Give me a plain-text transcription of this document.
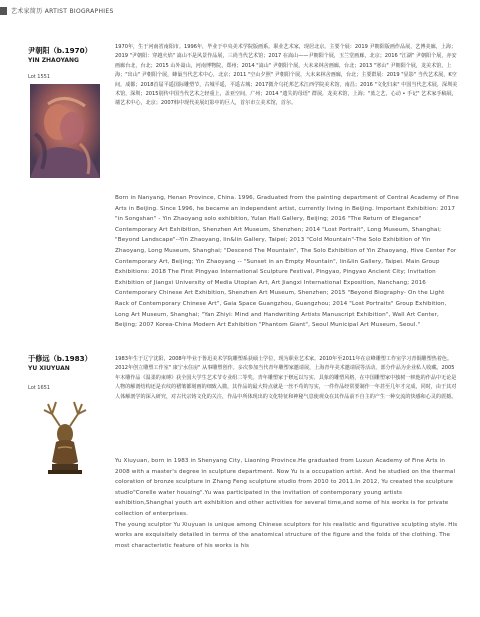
艺术家简历 ARTIST BIOGRAPHIES
尹朝阳（b.1970）
YIN ZHAOYANG
Lot 1551

1970年，生于河南省南阳市。1996年，毕业于中央美术学院版画系。职业艺术家，现居北京。主要个展：2019 尹朝阳版画作品展，艺博美廊，上海；2019 "尹朝阳：穿越火焰" 嵩山不是风景作品展，三尚当代艺术馆；2017 在嵩山——尹朝阳个展，玉兰堂画廊，北京；2016 "江湖" 尹朝阳个展，亦安画廊台北，台北；2015 山外嵩山，河南博物院，郑州；2014 "嵩山" 尹朝阳个展，大未来林舍画廊，台北；2013 "寒山" 尹朝阳个展，龙美术馆，上海；"出山" 尹朝阳个展，蜂巢当代艺术中心，北京；2011 "空山夕照" 尹朝阳个展，大未来林舍画廊，台北；主要群展：2019 "显影" 当代艺术展，K空间，成都；2018首届平遥国际雕塑节，古城平遥，平遥古城；2017微介乌托邦艺术江西学院美术馆，南昌；2016 "文化归来" 中国当代艺术展，深圳美术馆，深圳；2015别传中国当代艺术之轻重上，盖亚空间，广州；2014 "遗失的母语" 群展，龙美术馆，上海；"蓝之艺，心动 • 手记" 艺术家手稿展，墙艺术中心，北京；2007韩中现代美展幻影中的巨人，首尔市立美术馆，首尔。

Born in Nanyang, Henan Province, China. 1996, Graduated from the painting department of Central Academy of Fine Arts in Beijing. Since 1996, he became an independent artist, currently living in Beijing. Important Exhibition: 2017 "in Songshan" - Yin Zhaoyang solo exhibition, Yulan Hall Gallery, Beijing; 2016 "The Return of Elegance" Contemporary Art Exhibition, Shenzhen Art Museum, Shenzhen; 2014 "Lost Portrait", Long Museum, Shanghai; "Beyond Landscape"--Yin Zhaoyang, lin&lin Gallery, Taipei; 2013 "Cold Mountain"-The Solo Exhibition of Yin Zhaoyang, Long Museum, Shanghai; "Descend The Mountain", The Solo Exhibition of Yin Zhaoyang, Hive Center For Contemporary Art, Beijing; Yin Zhaoyang -- "Sunset in an Empty Mountain", lin&lin Gallery, Taipei. Main Group Exhibitions: 2018 The First Pingyao International Sculpture Festival, Pingyao, Pingyao Ancient City; Invitation Exhibition of Jiangxi University of Media Utopian Art, Art Jiangxi International Exposition, Nanchang; 2016 Contemporary Chinese Art Exhibition, Shenzhen Art Museum, Shenzhen; 2015 "Beyond Biography- On the Light Rack of Contemporary Chinese Art", Gaia Space Guangzhou, Guangzhou; 2014 "Lost Portraits" Group Exhibition, Long Art Museum, Shanghai; "Yan Zhiyi: Mind and Handwriting Artists Manuscript Exhibition", Wall Art Center, Beijing; 2007 Korea-China Modern Art Exhibition "Phantom Giant", Seoul Municipal Art Museum, Seoul."

于修远（b.1983）
YU XIUYUAN
Lot 1651

1983年生于辽宁沈阳，2008年毕业于鲁迅美术学院雕塑系获硕士学位，现为职业艺术家。2010年至2011年在京峰雕塑工作室学习青铜雕塑热着色。2012年创立雕塑工作室" 康宁水住房" 从事雕塑创作。多次参加当代青年雕塑家邀请展，上海青年美术邀请展等活动，部分作品为企业私人收藏。2005年木雕作品《温柔的束缚》获全国大学生艺术节专业组二等奖。青年雕塑家于修远以写实、具象的雕塑风格，在中国雕塑家中独树一帜他的作品中无论是人物的解剖结构还是衣纹的褶皱都刻画的细致入微，其作品的最大特点就是一丝不苟的写实，一件作品经常要制作一年甚至几年才完成，同时，由于其对人体解剖学的深入研究，对古代宗铸文化的关注，作品中所体现出的文化特征和神秘气息使观众在其作品前不自主的产生一种交流的快感和心灵的震撼。

Yu Xiuyuan, born in 1983 in Shenyang City, Liaoning Province.He graduated from Luxun Academy of Fine Arts in 2008 with a master's degree in sculpture department. Now Yu is a occupation artist. And he studied on the thermal coloration of bronze sculpture in Zhang Feng sculpture studio from 2010 to 2011.In 2012, Yu created the sculpture studio"Corelle water housing".Yu was participated in the invitation of contemporary young artists exhibition,Shanghai youth art exhibition and other activities for several time,and some of his works is for private collection of enterprises.
The young sculptor Yu Xiuyuan is unique among Chinese sculptors for his realistic and figurative sculpting style. His works are exquisitely detailed in terms of the anatomical structure of the figure and the folds of the clothing. The most characteristic feature of his works is his
